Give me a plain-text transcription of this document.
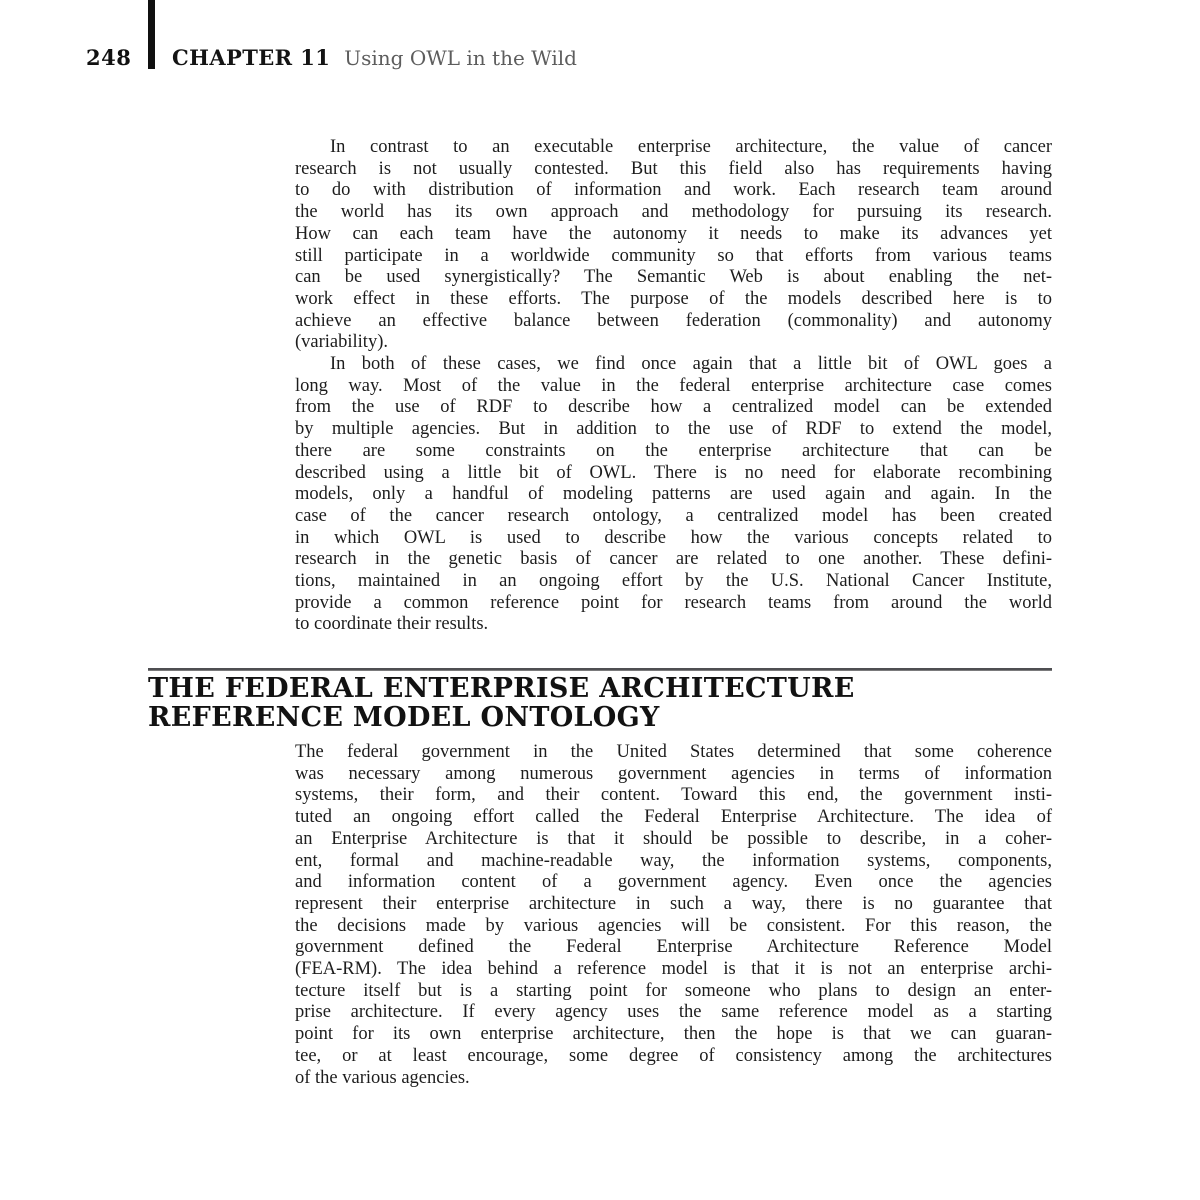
248 CHAPTER 11 Using OWL in the Wild
In contrast to an executable enterprise architecture, the value of cancer
research is not usually contested. But this field also has requirements having
to do with distribution of information and work. Each research team around
the world has its own approach and methodology for pursuing its research.
How can each team have the autonomy it needs to make its advances yet
still participate in a worldwide community so that efforts from various teams
can be used synergistically? The Semantic Web is about enabling the net-
work effect in these efforts. The purpose of the models described here is to
achieve an effective balance between federation (commonality) and autonomy
(variability).
In both of these cases, we find once again that a little bit of OWL goes a
long way. Most of the value in the federal enterprise architecture case comes
from the use of RDF to describe how a centralized model can be extended
by multiple agencies. But in addition to the use of RDF to extend the model,
there are some constraints on the enterprise architecture that can be
described using a little bit of OWL. There is no need for elaborate recombining
models, only a handful of modeling patterns are used again and again. In the
case of the cancer research ontology, a centralized model has been created
in which OWL is used to describe how the various concepts related to
research in the genetic basis of cancer are related to one another. These defini-
tions, maintained in an ongoing effort by the U.S. National Cancer Institute,
provide a common reference point for research teams from around the world
to coordinate their results.
THE FEDERAL ENTERPRISE ARCHITECTURE
REFERENCE MODEL ONTOLOGY
The federal government in the United States determined that some coherence
was necessary among numerous government agencies in terms of information
systems, their form, and their content. Toward this end, the government insti-
tuted an ongoing effort called the Federal Enterprise Architecture. The idea of
an Enterprise Architecture is that it should be possible to describe, in a coher-
ent, formal and machine-readable way, the information systems, components,
and information content of a government agency. Even once the agencies
represent their enterprise architecture in such a way, there is no guarantee that
the decisions made by various agencies will be consistent. For this reason, the
government defined the Federal Enterprise Architecture Reference Model
(FEA-RM). The idea behind a reference model is that it is not an enterprise archi-
tecture itself but is a starting point for someone who plans to design an enter-
prise architecture. If every agency uses the same reference model as a starting
point for its own enterprise architecture, then the hope is that we can guaran-
tee, or at least encourage, some degree of consistency among the architectures
of the various agencies.
